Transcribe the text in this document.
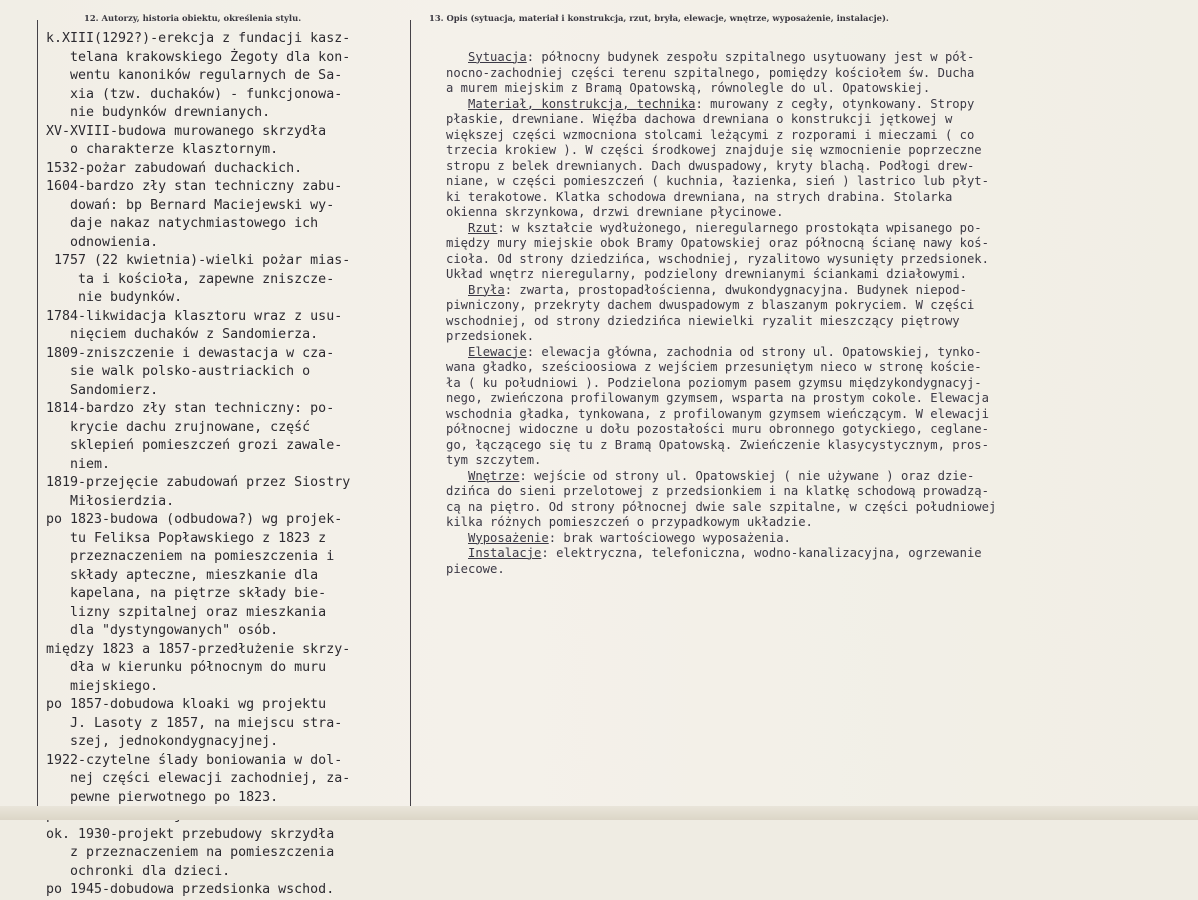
12. Autorzy, historia obiektu, określenia stylu.	13. Opis (sytuacja, materiał i konstrukcja, rzut, bryła, elewacje, wnętrze, wyposażenie, instalacje).
k.XIII(1292?)-erekcja z fundacji kasz-
telana krakowskiego Żegoty dla kon-
wentu kanoników regularnych de Sa-
xia (tzw. duchaków) - funkcjonowa-
nie budynków drewnianych.
XV-XVIII-budowa murowanego skrzydła
o charakterze klasztornym.
1532-pożar zabudowań duchackich.
1604-bardzo zły stan techniczny zabu-
dowań: bp Bernard Maciejewski wy-
daje nakaz natychmiastowego ich
odnowienia.
1757 (22 kwietnia)-wielki pożar mias-
ta i kościoła, zapewne zniszcze-
nie budynków.
1784-likwidacja klasztoru wraz z usu-
nięciem duchaków z Sandomierza.
1809-zniszczenie i dewastacja w cza-
sie walk polsko-austriackich o
Sandomierz.
1814-bardzo zły stan techniczny: po-
krycie dachu zrujnowane, część
sklepień pomieszczeń grozi zawale-
niem.
1819-przejęcie zabudowań przez Siostry
Miłosierdzia.
po 1823-budowa (odbudowa?) wg projek-
tu Feliksa Popławskiego z 1823 z
przeznaczeniem na pomieszczenia i
składy apteczne, mieszkanie dla
kapelana, na piętrze składy bie-
lizny szpitalnej oraz mieszkania
dla "dystyngowanych" osób.
między 1823 a 1857-przedłużenie skrzy-
dła w kierunku północnym do muru
miejskiego.
po 1857-dobudowa kloaki wg projektu
J. Lasoty z 1857, na miejscu stra-
szej, jednokondygnacyjnej.
1922-czytelne ślady boniowania w dol-
nej części elewacji zachodniej, za-
pewne pierwotnego po 1823.
ok. 1930-projekt przebudowy skrzydła
z przeznaczeniem na pomieszczenia
ochronki dla dzieci.
po 1945-dobudowa przedsionka wschod.
Sytuacja: północny budynek zespołu szpitalnego usytuowany jest w pół-
nocno-zachodniej części terenu szpitalnego, pomiędzy kościołem św. Ducha
a murem miejskim z Bramą Opatowską, równolegle do ul. Opatowskiej.
Materiał, konstrukcja, technika: murowany z cegły, otynkowany. Stropy
płaskie, drewniane. Więźba dachowa drewniana o konstrukcji jętkowej w
większej części wzmocniona stolcami leżącymi z rozporami i mieczami ( co
trzecia krokiew ). W części środkowej znajduje się wzmocnienie poprzeczne
stropu z belek drewnianych. Dach dwuspadowy, kryty blachą. Podłogi drew-
niane, w części pomieszczeń ( kuchnia, łazienka, sień ) lastrico lub płyt-
ki terakotowe. Klatka schodowa drewniana, na strych drabina. Stolarka
okienna skrzynkowa, drzwi drewniane płycinowe.
Rzut: w kształcie wydłużonego, nieregularnego prostokąta wpisanego po-
między mury miejskie obok Bramy Opatowskiej oraz północną ścianę nawy koś-
cioła. Od strony dziedzińca, wschodniej, ryzalitowo wysunięty przedsionek.
Układ wnętrz nieregularny, podzielony drewnianymi ściankami działowymi.
Bryła: zwarta, prostopadłościenna, dwukondygnacyjna. Budynek niepod-
piwniczony, przekryty dachem dwuspadowym z blaszanym pokryciem. W części
wschodniej, od strony dziedzińca niewielki ryzalit mieszczący piętrowy
przedsionek.
Elewacje: elewacja główna, zachodnia od strony ul. Opatowskiej, tynko-
wana gładko, sześcioosiowa z wejściem przesuniętym nieco w stronę koście-
ła ( ku południowi ). Podzielona poziomym pasem gzymsu międzykondygnacyj-
nego, zwieńczona profilowanym gzymsem, wsparta na prostym cokole. Elewacja
wschodnia gładka, tynkowana, z profilowanym gzymsem wieńczącym. W elewacji
północnej widoczne u dołu pozostałości muru obronnego gotyckiego, ceglane-
go, łączącego się tu z Bramą Opatowską. Zwieńczenie klasycystycznym, pros-
tym szczytem.
Wnętrze: wejście od strony ul. Opatowskiej ( nie używane ) oraz dzie-
dzińca do sieni przelotowej z przedsionkiem i na klatkę schodową prowadzą-
cą na piętro. Od strony północnej dwie sale szpitalne, w części południowej
kilka różnych pomieszczeń o przypadkowym układzie.
Wyposażenie: brak wartościowego wyposażenia.
Instalacje: elektryczna, telefoniczna, wodno-kanalizacyjna, ogrzewanie
piecowe.
